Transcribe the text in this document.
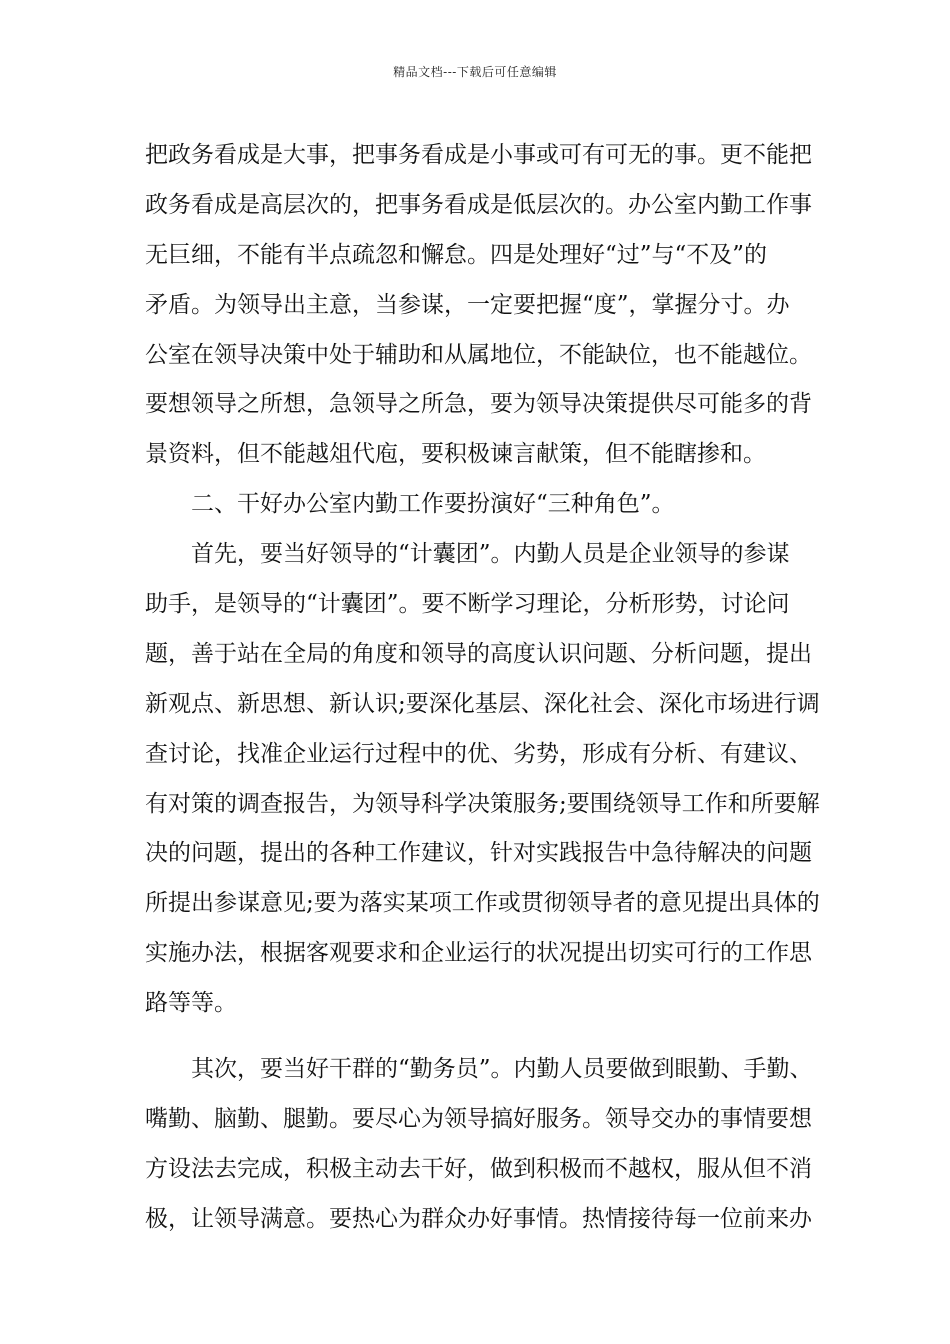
精品文档---下载后可任意编辑
把政务看成是大事，把事务看成是小事或可有可无的事。更不能把
政务看成是高层次的，把事务看成是低层次的。办公室内勤工作事
无巨细，不能有半点疏忽和懈怠。四是处理好“过”与“不及”的
矛盾。为领导出主意，当参谋，一定要把握“度”，掌握分寸。办
公室在领导决策中处于辅助和从属地位，不能缺位，也不能越位。
要想领导之所想，急领导之所急，要为领导决策提供尽可能多的背
景资料，但不能越俎代庖，要积极谏言献策，但不能瞎掺和。
二、干好办公室内勤工作要扮演好“三种角色”。
首先，要当好领导的“计囊团”。内勤人员是企业领导的参谋
助手，是领导的“计囊团”。要不断学习理论，分析形势，讨论问
题，善于站在全局的角度和领导的高度认识问题、分析问题，提出
新观点、新思想、新认识;要深化基层、深化社会、深化市场进行调
查讨论，找准企业运行过程中的优、劣势，形成有分析、有建议、
有对策的调查报告，为领导科学决策服务;要围绕领导工作和所要解
决的问题，提出的各种工作建议，针对实践报告中急待解决的问题
所提出参谋意见;要为落实某项工作或贯彻领导者的意见提出具体的
实施办法，根据客观要求和企业运行的状况提出切实可行的工作思
路等等。
其次，要当好干群的“勤务员”。内勤人员要做到眼勤、手勤、
嘴勤、脑勤、腿勤。要尽心为领导搞好服务。领导交办的事情要想
方设法去完成，积极主动去干好，做到积极而不越权，服从但不消
极，让领导满意。要热心为群众办好事情。热情接待每一位前来办
